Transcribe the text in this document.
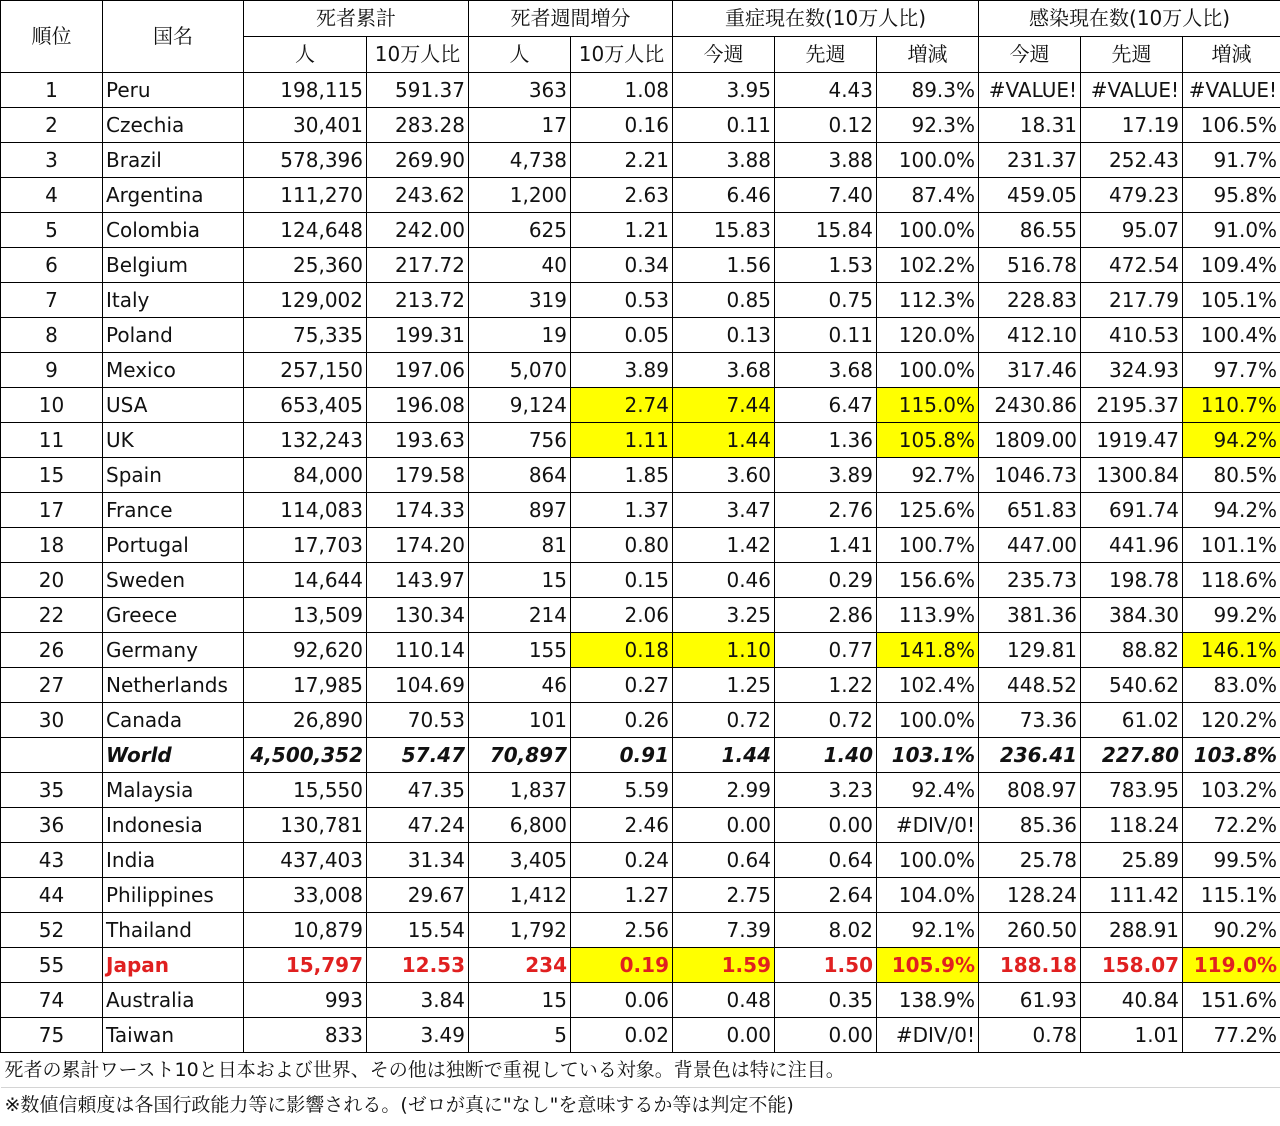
順位	国名	死者累計		死者週間増分		重症現在数(10万人比)			感染現在数(10万人比)		
		人	10万人比	人	10万人比	今週	先週	増減	今週	先週	増減
1	Peru	198,115	591.37	363	1.08	3.95	4.43	89.3%	#VALUE!	#VALUE!	#VALUE!
2	Czechia	30,401	283.28	17	0.16	0.11	0.12	92.3%	18.31	17.19	106.5%
3	Brazil	578,396	269.90	4,738	2.21	3.88	3.88	100.0%	231.37	252.43	91.7%
4	Argentina	111,270	243.62	1,200	2.63	6.46	7.40	87.4%	459.05	479.23	95.8%
5	Colombia	124,648	242.00	625	1.21	15.83	15.84	100.0%	86.55	95.07	91.0%
6	Belgium	25,360	217.72	40	0.34	1.56	1.53	102.2%	516.78	472.54	109.4%
7	Italy	129,002	213.72	319	0.53	0.85	0.75	112.3%	228.83	217.79	105.1%
8	Poland	75,335	199.31	19	0.05	0.13	0.11	120.0%	412.10	410.53	100.4%
9	Mexico	257,150	197.06	5,070	3.89	3.68	3.68	100.0%	317.46	324.93	97.7%
10	USA	653,405	196.08	9,124	2.74	7.44	6.47	115.0%	2430.86	2195.37	110.7%
11	UK	132,243	193.63	756	1.11	1.44	1.36	105.8%	1809.00	1919.47	94.2%
15	Spain	84,000	179.58	864	1.85	3.60	3.89	92.7%	1046.73	1300.84	80.5%
17	France	114,083	174.33	897	1.37	3.47	2.76	125.6%	651.83	691.74	94.2%
18	Portugal	17,703	174.20	81	0.80	1.42	1.41	100.7%	447.00	441.96	101.1%
20	Sweden	14,644	143.97	15	0.15	0.46	0.29	156.6%	235.73	198.78	118.6%
22	Greece	13,509	130.34	214	2.06	3.25	2.86	113.9%	381.36	384.30	99.2%
26	Germany	92,620	110.14	155	0.18	1.10	0.77	141.8%	129.81	88.82	146.1%
27	Netherlands	17,985	104.69	46	0.27	1.25	1.22	102.4%	448.52	540.62	83.0%
30	Canada	26,890	70.53	101	0.26	0.72	0.72	100.0%	73.36	61.02	120.2%
	World	4,500,352	57.47	70,897	0.91	1.44	1.40	103.1%	236.41	227.80	103.8%
35	Malaysia	15,550	47.35	1,837	5.59	2.99	3.23	92.4%	808.97	783.95	103.2%
36	Indonesia	130,781	47.24	6,800	2.46	0.00	0.00	#DIV/0!	85.36	118.24	72.2%
43	India	437,403	31.34	3,405	0.24	0.64	0.64	100.0%	25.78	25.89	99.5%
44	Philippines	33,008	29.67	1,412	1.27	2.75	2.64	104.0%	128.24	111.42	115.1%
52	Thailand	10,879	15.54	1,792	2.56	7.39	8.02	92.1%	260.50	288.91	90.2%
55	Japan	15,797	12.53	234	0.19	1.59	1.50	105.9%	188.18	158.07	119.0%
74	Australia	993	3.84	15	0.06	0.48	0.35	138.9%	61.93	40.84	151.6%
75	Taiwan	833	3.49	5	0.02	0.00	0.00	#DIV/0!	0.78	1.01	77.2%
死者の累計ワースト10と日本および世界、その他は独断で重視している対象。背景色は特に注目。											
※数値信頼度は各国行政能力等に影響される。(ゼロが真に"なし"を意味するか等は判定不能)											
